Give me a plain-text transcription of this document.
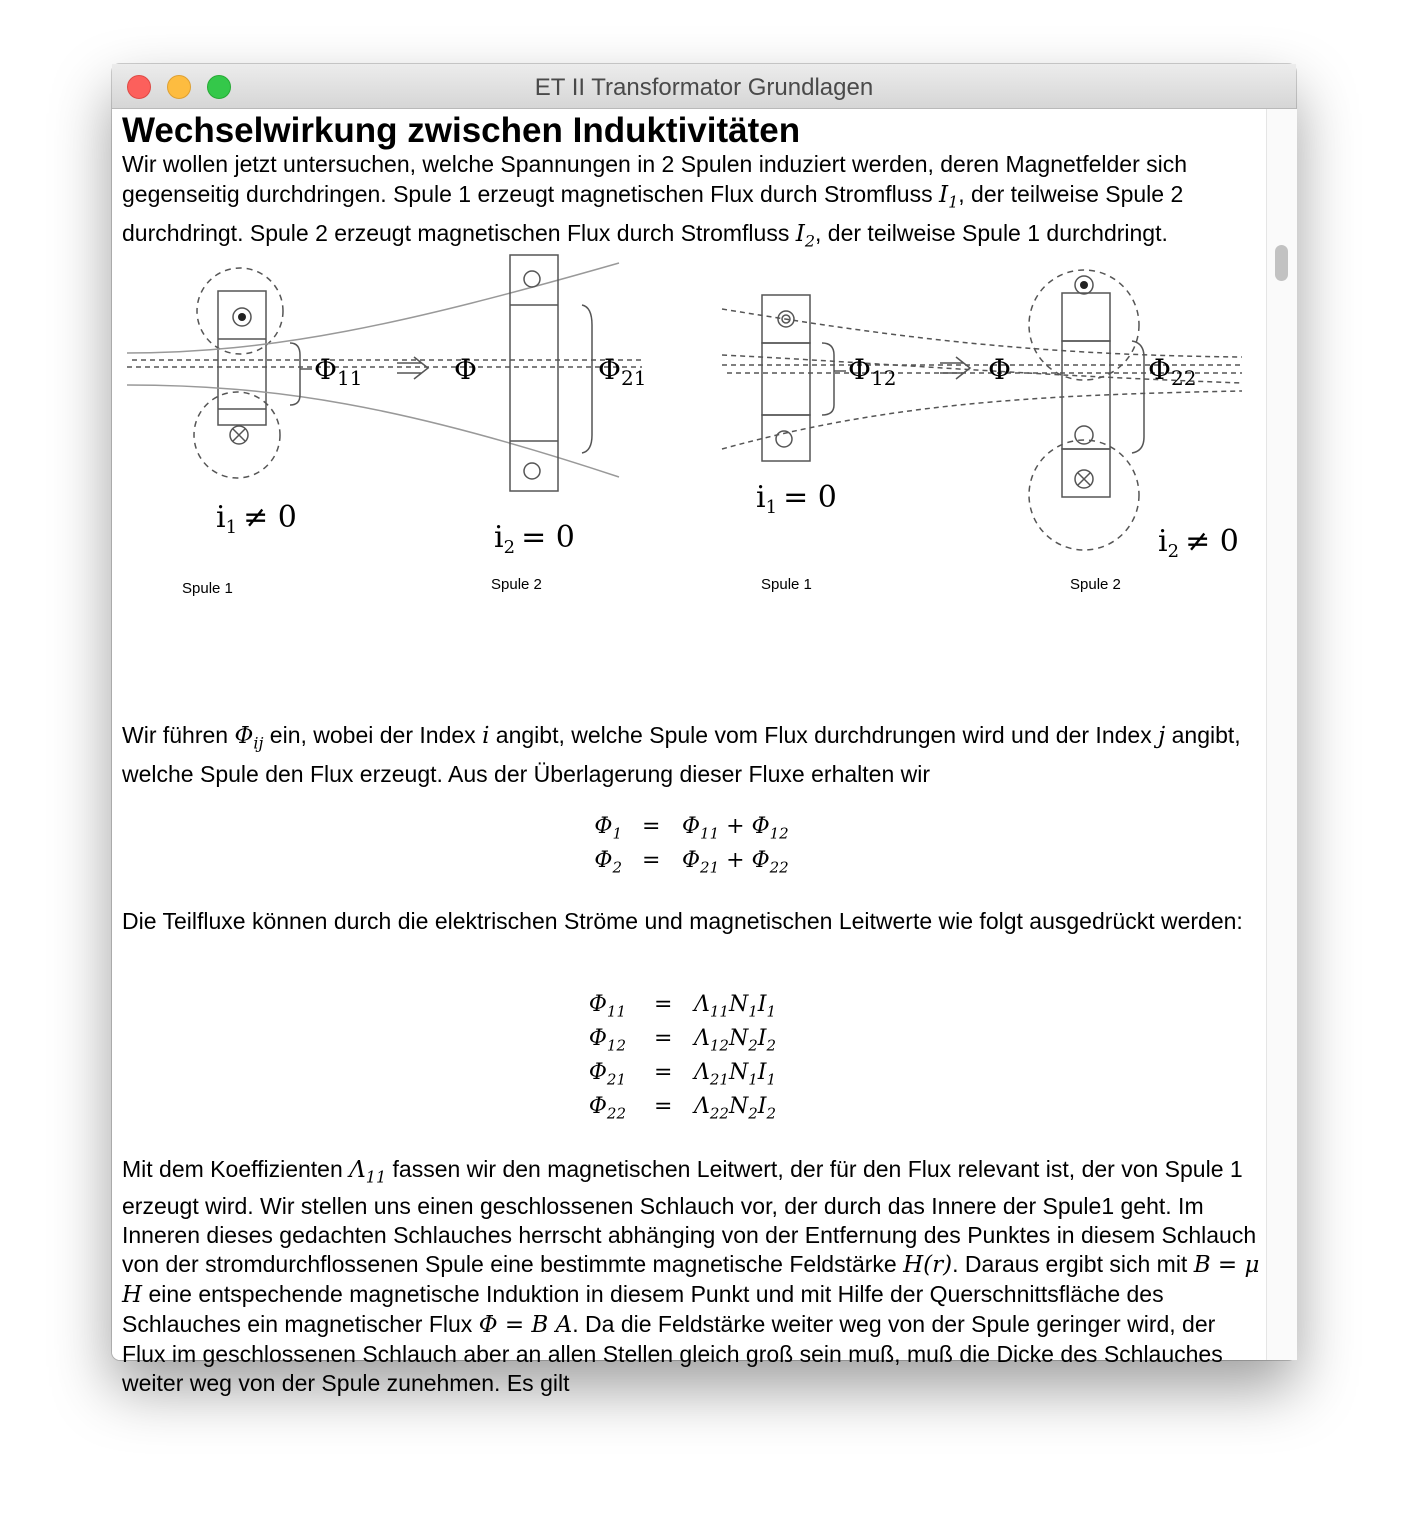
ET II Transformator Grundlagen
Wechselwirkung zwischen Induktivitäten

Wir wollen jetzt untersuchen, welche Spannungen in 2 Spulen induziert werden, deren Magnetfelder sich gegenseitig durchdringen. Spule 1 erzeugt magnetischen Flux durch Stromfluss $I_1$, der teilweise Spule 2 durchdringt. Spule 2 erzeugt magnetischen Flux durch Stromfluss $I_2$, der teilweise Spule 1 durchdringt.

$\Phi_{11}$	Φ	$\Phi_{21}$
$i_1 \ne 0$
$i_2 = 0$
Spule 1	Spule 2
$\Phi_{12}$	Φ	$\Phi_{22}$
$i_1 = 0$
$i_2 \ne 0$
Spule 1	Spule 2

Wir führen $\Phi_{ij}$ ein, wobei der Index i angibt, welche Spule vom Flux durchdrungen wird und der Index j angibt, welche Spule den Flux erzeugt. Aus der Überlagerung dieser Fluxe erhalten wir

$\Phi_1 = \Phi_{11} + \Phi_{12}$
$\Phi_2 = \Phi_{21} + \Phi_{22}$

Die Teilfluxe können durch die elektrischen Ströme und magnetischen Leitwerte wie folgt ausgedrückt werden:

$\Phi_{11} = \Lambda_{11}N_1I_1$
$\Phi_{12} = \Lambda_{12}N_2I_2$
$\Phi_{21} = \Lambda_{21}N_1I_1$
$\Phi_{22} = \Lambda_{22}N_2I_2$

Mit dem Koeffizienten $\Lambda_{11}$ fassen wir den magnetischen Leitwert, der für den Flux relevant ist, der von Spule 1 erzeugt wird. Wir stellen uns einen geschlossenen Schlauch vor, der durch das Innere der Spule1 geht. Im Inneren dieses gedachten Schlauches herrscht abhänging von der Entfernung des Punktes in diesem Schlauch von der stromdurchflossenen Spule eine bestimmte magnetische Feldstärke H(r). Daraus ergibt sich mit B = μ H eine entspechende magnetische Induktion in diesem Punkt und mit Hilfe der Querschnittsfläche des Schlauches ein magnetischer Flux Φ = B A. Da die Feldstärke weiter weg von der Spule geringer wird, der Flux im geschlossenen Schlauch aber an allen Stellen gleich groß sein muß, muß die Dicke des Schlauches weiter weg von der Spule zunehmen. Es gilt
